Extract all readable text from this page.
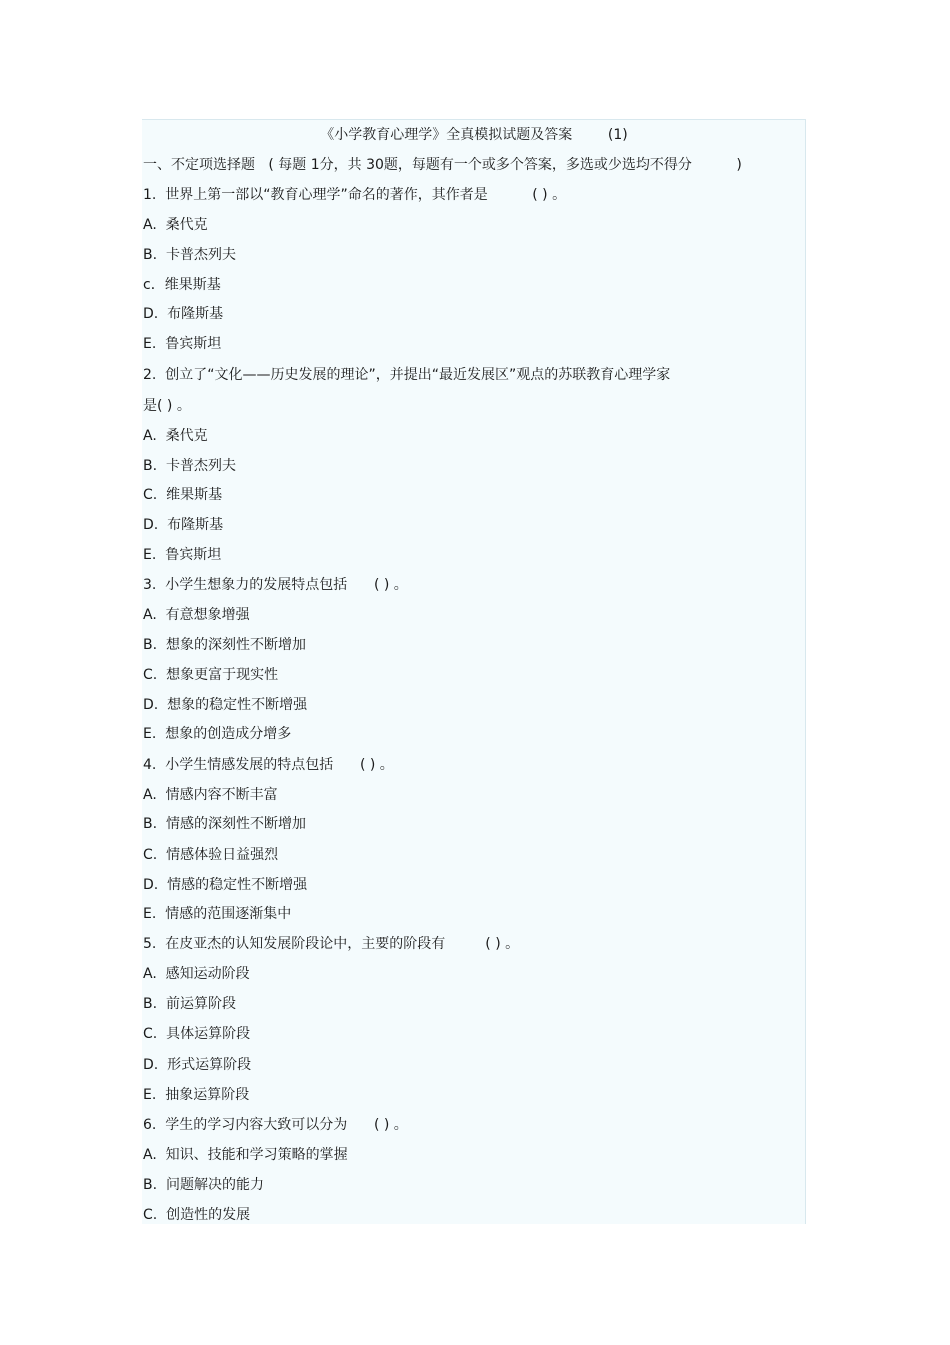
《小学教育心理学》全真模拟试题及答案        (1)
一、不定项选择题   ( 每题 1分，共 30题，每题有一个或多个答案，多选或少选均不得分          )
1.  世界上第一部以“教育心理学”命名的著作，其作者是          ( ) 。
A.  桑代克
B.  卡普杰列夫
c．维果斯基
D.  布隆斯基
E.  鲁宾斯坦
2.  创立了“文化——历史发展的理论”，并提出“最近发展区”观点的苏联教育心理学家
是( ) 。
A.  桑代克
B.  卡普杰列夫
C.  维果斯基
D.  布隆斯基
E.  鲁宾斯坦
3.  小学生想象力的发展特点包括      ( ) 。
A.  有意想象增强
B.  想象的深刻性不断增加
C.  想象更富于现实性
D.  想象的稳定性不断增强
E.  想象的创造成分增多
4.  小学生情感发展的特点包括      ( ) 。
A.  情感内容不断丰富
B.  情感的深刻性不断增加
C.  情感体验日益强烈
D.  情感的稳定性不断增强
E.  情感的范围逐渐集中
5.  在皮亚杰的认知发展阶段论中，主要的阶段有         ( ) 。
A.  感知运动阶段
B.  前运算阶段
C.  具体运算阶段
D.  形式运算阶段
E.  抽象运算阶段
6.  学生的学习内容大致可以分为      ( ) 。
A.  知识、技能和学习策略的掌握
B.  问题解决的能力
C.  创造性的发展
